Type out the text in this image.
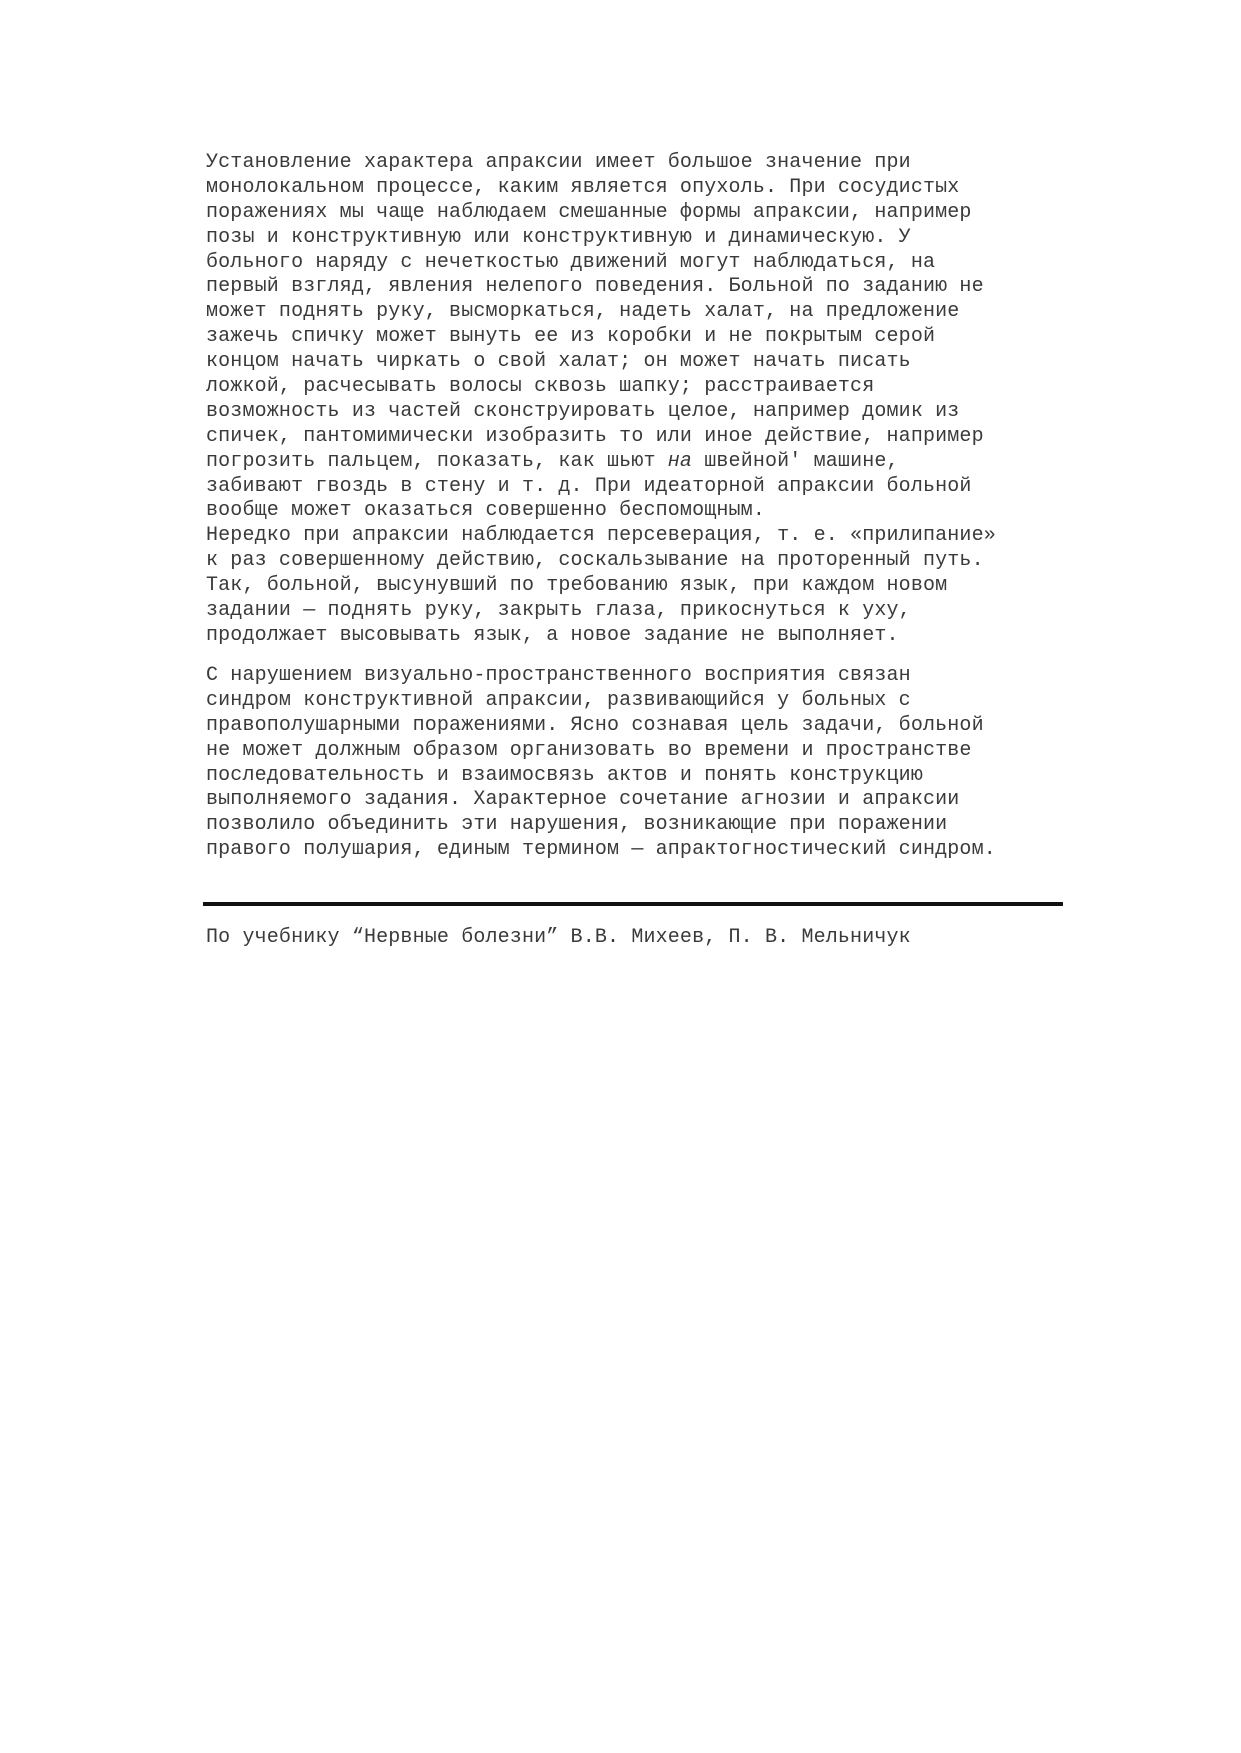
Установление характера апраксии имеет большое значение при
монолокальном процессе, каким является опухоль. При сосудистых
поражениях мы чаще наблюдаем смешанные формы апраксии, например
позы и конструктивную или конструктивную и динамическую. У
больного наряду с нечеткостью движений могут наблюдаться, на
первый взгляд, явления нелепого поведения. Больной по заданию не
может поднять руку, высморкаться, надеть халат, на предложение
зажечь спичку может вынуть ее из коробки и не покрытым серой
концом начать чиркать о свой халат; он может начать писать
ложкой, расчесывать волосы сквозь шапку; расстраивается
возможность из частей сконструировать целое, например домик из
спичек, пантомимически изобразить то или иное действие, например
погрозить пальцем, показать, как шьют на швейной' машине,
забивают гвоздь в стену и т. д. При идеаторной апраксии больной
вообще может оказаться совершенно беспомощным.
Нередко при апраксии наблюдается персеверация, т. е. «прилипание»
к раз совершенному действию, соскальзывание на проторенный путь.
Так, больной, высунувший по требованию язык, при каждом новом
задании — поднять руку, закрыть глаза, прикоснуться к уху,
продолжает высовывать язык, а новое задание не выполняет.
С нарушением визуально-пространственного восприятия связан
синдром конструктивной апраксии, развивающийся у больных с
правополушарными поражениями. Ясно сознавая цель задачи, больной
не может должным образом организовать во времени и пространстве
последовательность и взаимосвязь актов и понять конструкцию
выполняемого задания. Характерное сочетание агнозии и апраксии
позволило объединить эти нарушения, возникающие при поражении
правого полушария, единым термином — апрактогностический синдром.
По учебнику “Нервные болезни” В.В. Михеев, П. В. Мельничук
